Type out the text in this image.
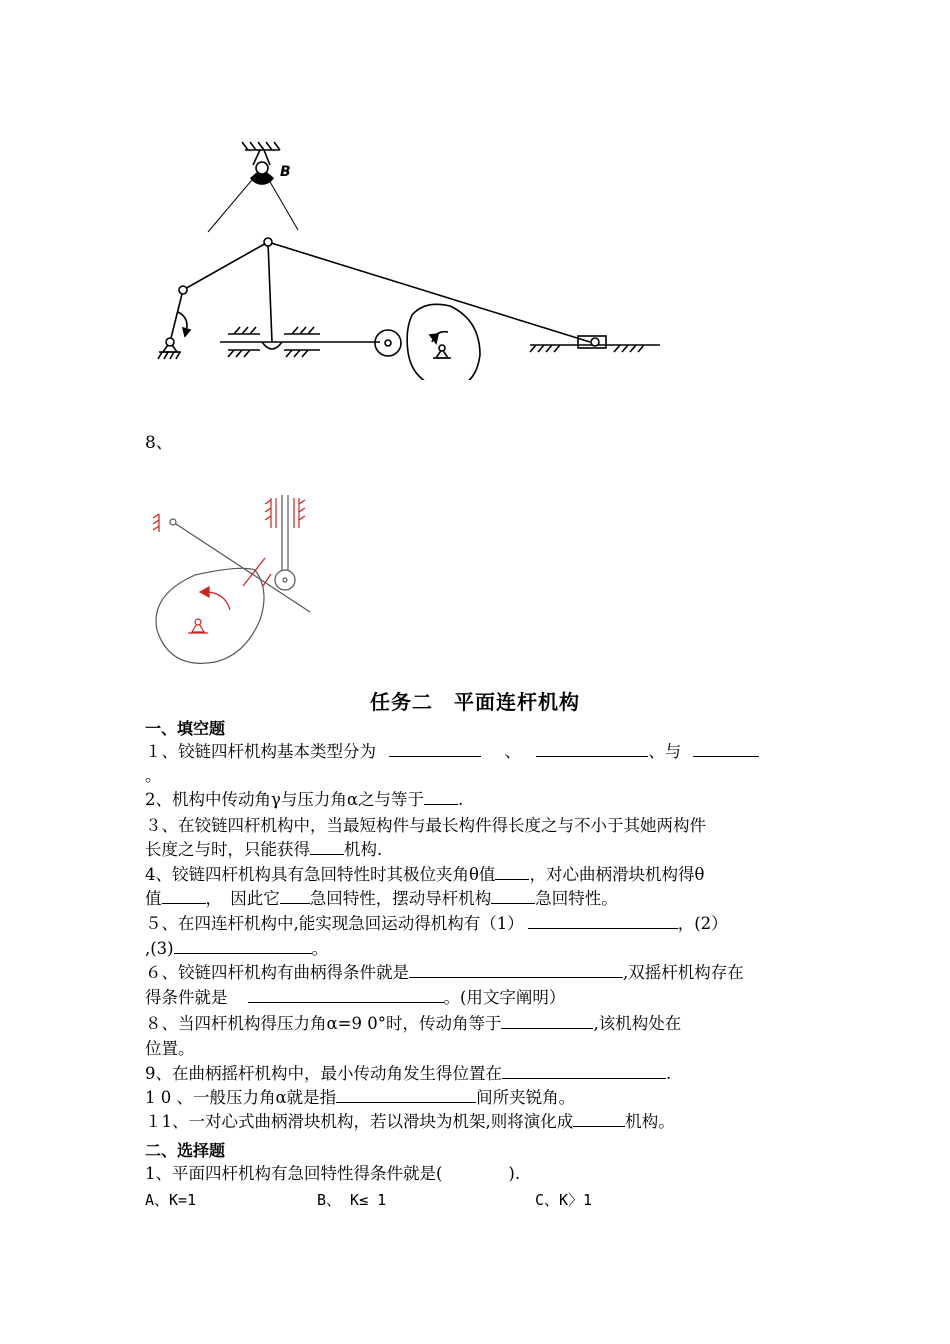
B
8、
任务二　平面连杆机构
一、填空题
１、铰链四杆机构基本类型分为	、	、与
。
2、机构中传动角γ与压力角α之与等于 .
３、在铰链四杆机构中，当最短构件与最长构件得长度之与不小于其她两构件
长度之与时，只能获得 机构.
4、铰链四杆机构具有急回特性时其极位夹角θ值 ，对心曲柄滑块机构得θ
值	，　因此它 急回特性，摆动导杆机构	急回特性。
５、在四连杆机构中,能实现急回运动得机构有（1）	，(2）
,(3)	。
６、铰链四杆机构有曲柄得条件就是	,双摇杆机构存在
得条件就是	。(用文字阐明）
８、当四杆机构得压力角α=9 0°时，传动角等于	,该机构处在
位置。
9、在曲柄摇杆机构中，最小传动角发生得位置在	.
1 0 、一般压力角α就是指	间所夹锐角。
１1、一对心式曲柄滑块机构，若以滑块为机架,则将演化成	机构。
二、选择题
1、平面四杆机构有急回特性得条件就是(　　　　).
A、K=1	B、 K≤ 1	C、K〉1
